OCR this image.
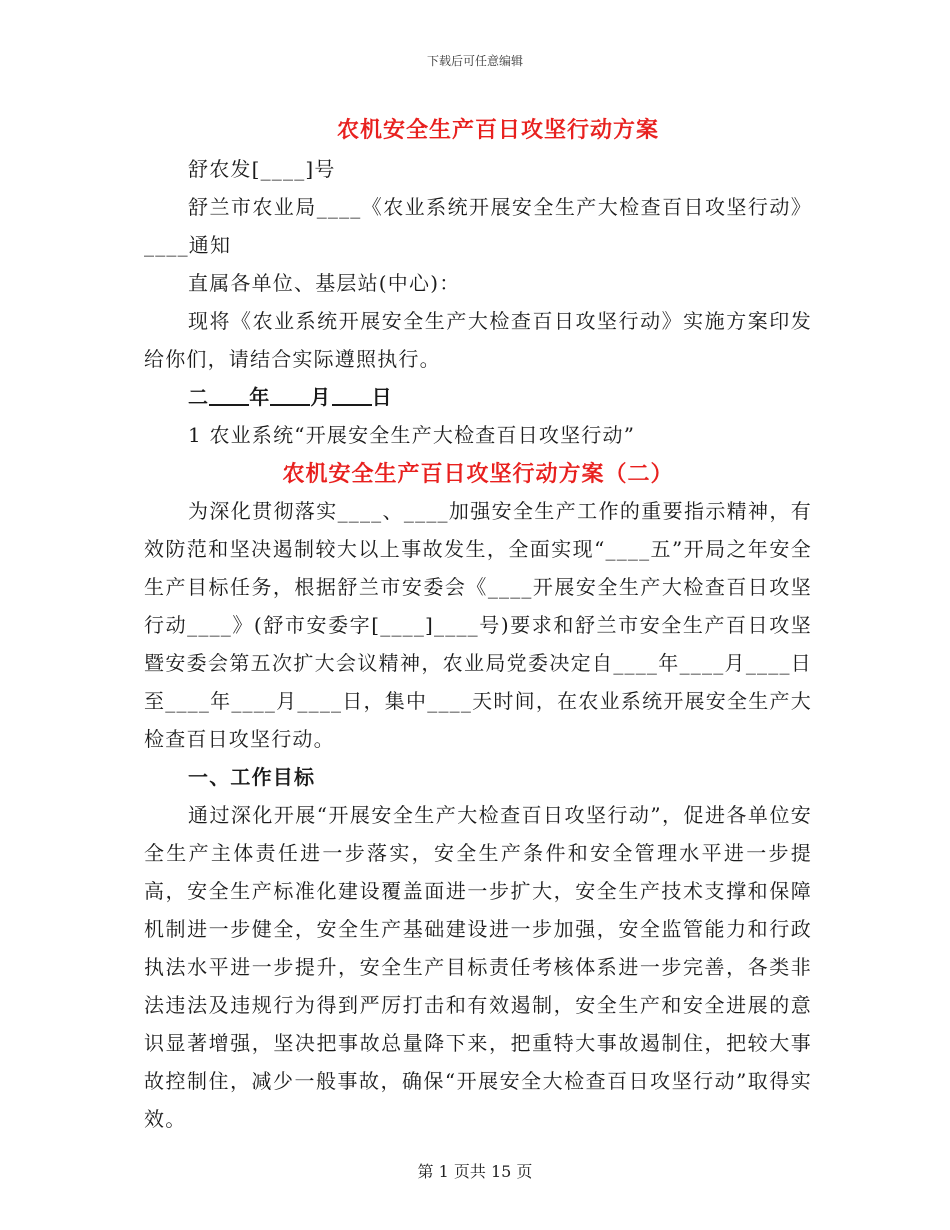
下载后可任意编辑
农机安全生产百日攻坚行动方案

舒农发[____]号

舒兰市农业局____《农业系统开展安全生产大检查百日攻坚行动》____通知

直属各单位、基层站(中心)：

现将《农业系统开展安全生产大检查百日攻坚行动》实施方案印发给你们，请结合实际遵照执行。

二 年 月 日

1 农业系统“开展安全生产大检查百日攻坚行动”

农机安全生产百日攻坚行动方案（二）

为深化贯彻落实____、____加强安全生产工作的重要指示精神，有效防范和坚决遏制较大以上事故发生，全面实现“____五”开局之年安全生产目标任务，根据舒兰市安委会《____开展安全生产大检查百日攻坚行动____》(舒市安委字[____]____号)要求和舒兰市安全生产百日攻坚暨安委会第五次扩大会议精神，农业局党委决定自____年____月____日至____年____月____日，集中____天时间，在农业系统开展安全生产大检查百日攻坚行动。

一、工作目标

通过深化开展“开展安全生产大检查百日攻坚行动”，促进各单位安全生产主体责任进一步落实，安全生产条件和安全管理水平进一步提高，安全生产标准化建设覆盖面进一步扩大，安全生产技术支撑和保障机制进一步健全，安全生产基础建设进一步加强，安全监管能力和行政执法水平进一步提升，安全生产目标责任考核体系进一步完善，各类非法违法及违规行为得到严厉打击和有效遏制，安全生产和安全进展的意识显著增强，坚决把事故总量降下来，把重特大事故遏制住，把较大事故控制住，减少一般事故，确保“开展安全大检查百日攻坚行动”取得实效。

第 1 页共 15 页
